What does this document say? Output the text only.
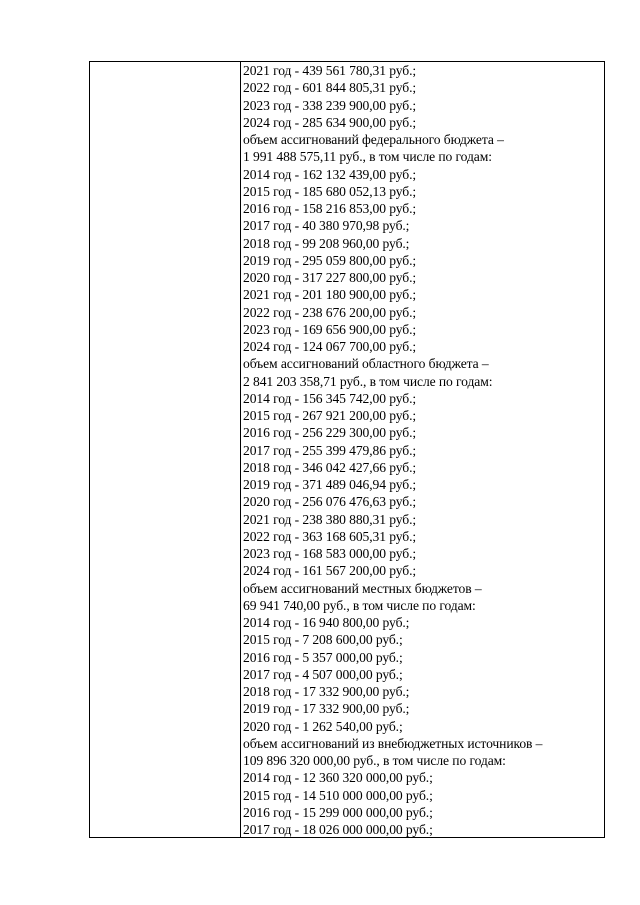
2021 год - 439 561 780,31 руб.;
2022 год - 601 844 805,31 руб.;
2023 год - 338 239 900,00 руб.;
2024 год - 285 634 900,00 руб.;
объем ассигнований федерального бюджета –
1 991 488 575,11 руб., в том числе по годам:
2014 год - 162 132 439,00 руб.;
2015 год - 185 680 052,13 руб.;
2016 год - 158 216 853,00 руб.;
2017 год - 40 380 970,98 руб.;
2018 год - 99 208 960,00 руб.;
2019 год - 295 059 800,00 руб.;
2020 год - 317 227 800,00 руб.;
2021 год - 201 180 900,00 руб.;
2022 год - 238 676 200,00 руб.;
2023 год - 169 656 900,00 руб.;
2024 год - 124 067 700,00 руб.;
объем ассигнований областного бюджета –
2 841 203 358,71 руб., в том числе по годам:
2014 год - 156 345 742,00 руб.;
2015 год - 267 921 200,00 руб.;
2016 год - 256 229 300,00 руб.;
2017 год - 255 399 479,86 руб.;
2018 год - 346 042 427,66 руб.;
2019 год - 371 489 046,94 руб.;
2020 год - 256 076 476,63 руб.;
2021 год - 238 380 880,31 руб.;
2022 год - 363 168 605,31 руб.;
2023 год - 168 583 000,00 руб.;
2024 год - 161 567 200,00 руб.;
объем ассигнований местных бюджетов –
69 941 740,00 руб., в том числе по годам:
2014 год - 16 940 800,00 руб.;
2015 год - 7 208 600,00 руб.;
2016 год - 5 357 000,00 руб.;
2017 год - 4 507 000,00 руб.;
2018 год - 17 332 900,00 руб.;
2019 год - 17 332 900,00 руб.;
2020 год - 1 262 540,00 руб.;
объем ассигнований из внебюджетных источников –
109 896 320 000,00 руб., в том числе по годам:
2014 год - 12 360 320 000,00 руб.;
2015 год - 14 510 000 000,00 руб.;
2016 год - 15 299 000 000,00 руб.;
2017 год - 18 026 000 000,00 руб.;
